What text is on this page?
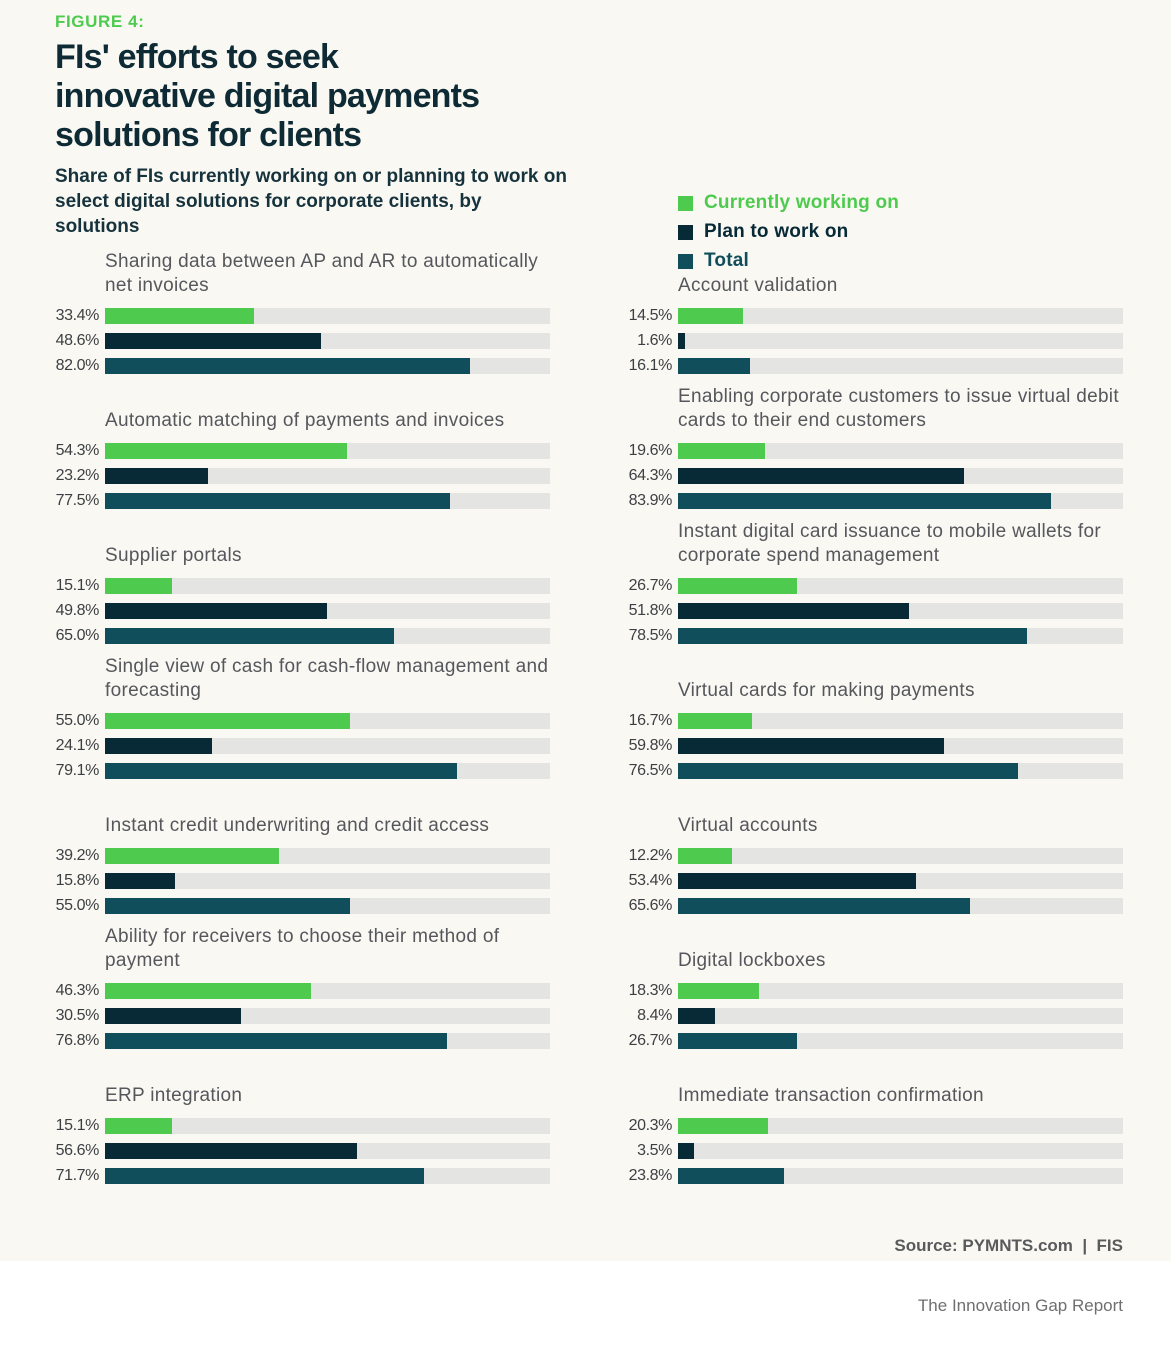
FIGURE 4:
FIs' efforts to seek
innovative digital payments
solutions for clients
Share of FIs currently working on or planning to work on select digital solutions for corporate clients, by solutions
Currently working on
Plan to work on
Total
Sharing data between AP and AR to automatically net invoices
33.4%
48.6%
82.0%
Automatic matching of payments and invoices
54.3%
23.2%
77.5%
Supplier portals
15.1%
49.8%
65.0%
Single view of cash for cash-flow management and forecasting
55.0%
24.1%
79.1%
Instant credit underwriting and credit access
39.2%
15.8%
55.0%
Ability for receivers to choose their method of payment
46.3%
30.5%
76.8%
ERP integration
15.1%
56.6%
71.7%
Account validation
14.5%
1.6%
16.1%
Enabling corporate customers to issue virtual debit cards to their end customers
19.6%
64.3%
83.9%
Instant digital card issuance to mobile wallets for corporate spend management
26.7%
51.8%
78.5%
Virtual cards for making payments
16.7%
59.8%
76.5%
Virtual accounts
12.2%
53.4%
65.6%
Digital lockboxes
18.3%
8.4%
26.7%
Immediate transaction confirmation
20.3%
3.5%
23.8%

Source: PYMNTS.com  |  FIS

The Innovation Gap Report
